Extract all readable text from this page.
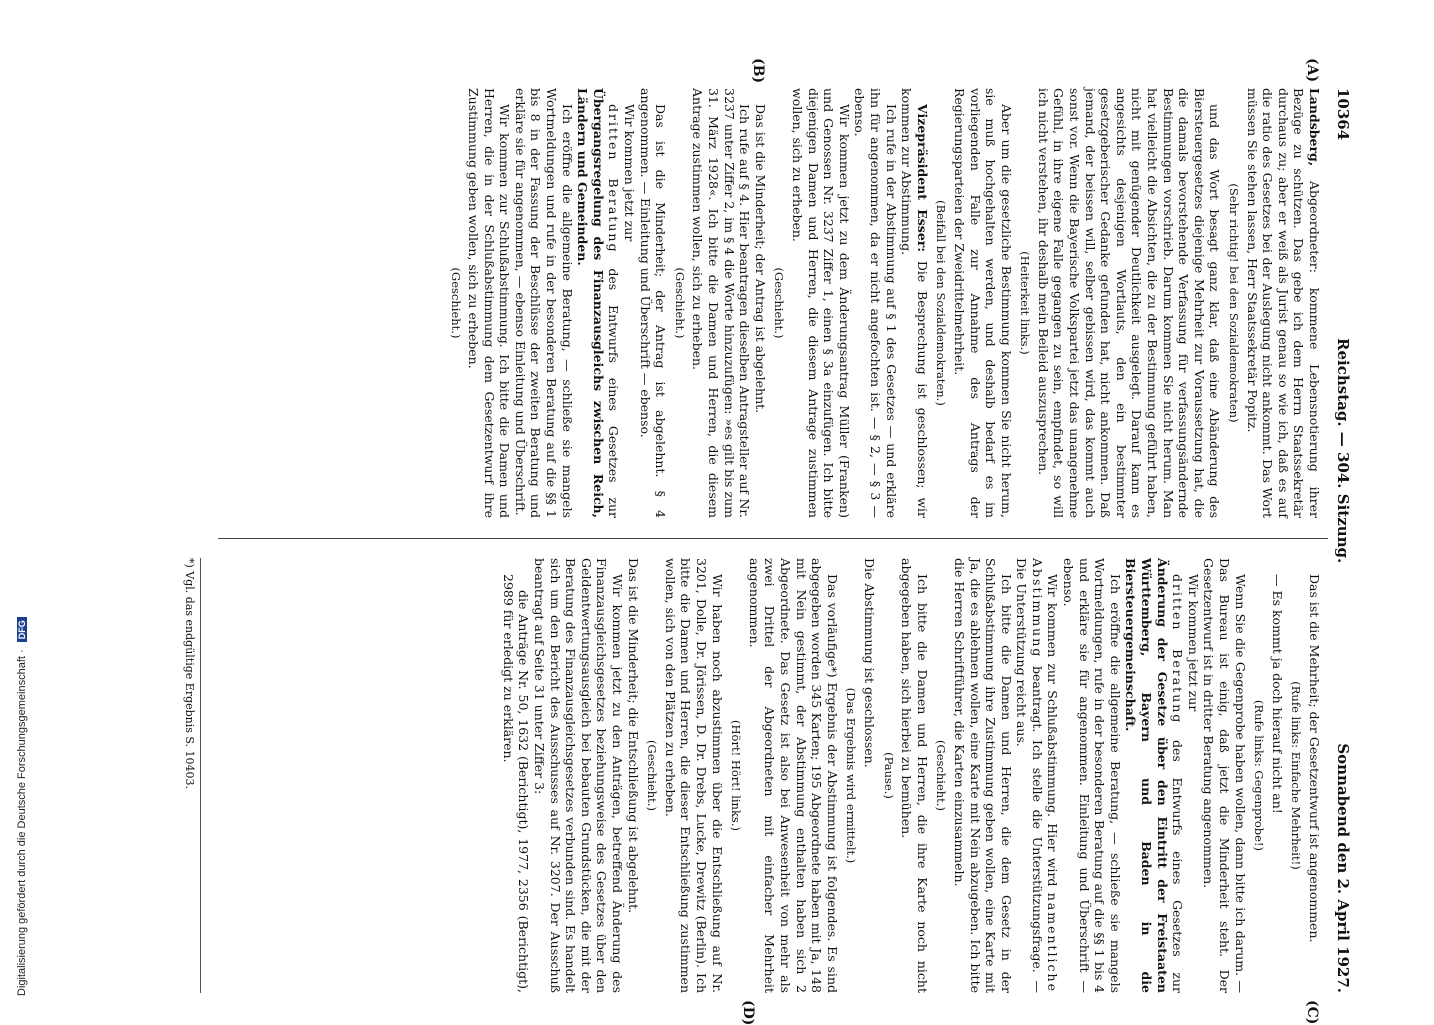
Digitalisierung gefördert durch die Deutsche Forschungsgemeinschaft · DFG
10364
Reichstag. — 304. Sitzung.
Sonnabend den 2. April 1927.
(A)
(B)
(C)
(D)

Landsberg, Abgeordneter: kommene Lebensnotierung ihrer Bezüge zu schützen. Das gebe ich dem Herrn Staatssekretär durchaus zu; aber er weiß als Jurist genau so wie ich, daß es auf die ratio des Gesetzes bei der Auslegung nicht ankommt. Das Wort müssen Sie stehen lassen, Herr Staatssekretär Popitz.

(Sehr richtig! bei den Sozialdemokraten)

und das Wort besagt ganz klar, daß eine Abänderung des Biersteuergesetzes diejenige Mehrheit zur Voraussetzung hat, die die damals bevorstehende Verfassung für verfassungsändernde Bestimmungen vorschrieb. Darum kommen Sie nicht herum. Man hat vielleicht die Absichten, die zu der Bestimmung geführt haben, nicht mit genügender Deutlichkeit ausgelegt. Darauf kann es angesichts desjenigen Wortlauts, den ein bestimmter gesetzgeberischer Gedanke gefunden hat, nicht ankommen. Daß jemand, der beissen will, selber gebissen wird, das kommt auch sonst vor. Wenn die Bayerische Volkspartei jetzt das unangenehme Gefühl, in ihre eigene Falle gegangen zu sein, empfindet, so will ich nicht verstehen, ihr deshalb mein Beileid auszusprechen.

(Heiterkeit links.)

Aber um die gesetzliche Bestimmung kommen Sie nicht herum, sie muß hochgehalten werden, und deshalb bedarf es im vorliegenden Falle zur Annahme des Antrags der Regierungsparteien der Zweidrittelmehrheit.

(Beifall bei den Sozialdemokraten.)

Vizepräsident Esser: Die Besprechung ist geschlossen; wir kommen zur Abstimmung.

Ich rufe in der Abstimmung auf § 1 des Gesetzes — und erkläre ihn für angenommen, da er nicht angefochten ist. — § 2, — § 3 — ebenso.

Wir kommen jetzt zu dem Änderungsantrag Müller (Franken) und Genossen Nr. 3237 Ziffer 1, einen § 3a einzufügen. Ich bitte diejenigen Damen und Herren, die diesem Antrage zustimmen wollen, sich zu erheben.

(Geschieht.)

Das ist die Minderheit; der Antrag ist abgelehnt.

Ich rufe auf § 4. Hier beantragen dieselben Antragsteller auf Nr. 3237 unter Ziffer 2, im § 4 die Worte hinzuzufügen: »es gilt bis zum 31. März 1928«. Ich bitte die Damen und Herren, die diesem Antrage zustimmen wollen, sich zu erheben.

(Geschieht.)

Das ist die Minderheit; der Antrag ist abgelehnt. § 4 angenommen. — Einleitung und Überschrift — ebenso.

Wir kommen jetzt zur

dritten Beratung des Entwurfs eines Gesetzes zur Übergangsregelung des Finanzausgleichs zwischen Reich, Ländern und Gemeinden.

Ich eröffne die allgemeine Beratung, — schließe sie mangels Wortmeldungen und rufe in der besonderen Beratung auf die §§ 1 bis 8 in der Fassung der Beschlüsse der zweiten Beratung und erkläre sie für angenommen, — ebenso Einleitung und Überschrift.

Wir kommen zur Schlußabstimmung. Ich bitte die Damen und Herren, die in der Schlußabstimmung dem Gesetzentwurf ihre Zustimmung geben wollen, sich zu erheben.

(Geschieht.)

Das ist die Mehrheit; der Gesetzentwurf ist angenommen.

(Rufe links: Einfache Mehrheit!)

— Es kommt ja doch hierauf nicht an!

(Rufe links: Gegenprobe!)

Wenn Sie die Gegenprobe haben wollen, dann bitte ich darum. — Das Bureau ist einig, daß jetzt die Minderheit steht. Der Gesetzentwurf ist in dritter Beratung angenommen.

Wir kommen jetzt zur

dritten Beratung des Entwurfs eines Gesetzes zur Änderung der Gesetze über den Eintritt der Freistaaten Württemberg, Bayern und Baden in die Biersteuergemeinschaft.

Ich eröffne die allgemeine Beratung, — schließe sie mangels Wortmeldungen, rufe in der besonderen Beratung auf die §§ 1 bis 4 und erkläre sie für angenommen. Einleitung und Überschrift — ebenso.

Wir kommen zur Schlußabstimmung. Hier wird namentliche Abstimmung beantragt. Ich stelle die Unterstützungsfrage. — Die Unterstützung reicht aus.

Ich bitte die Damen und Herren, die dem Gesetz in der Schlußabstimmung ihre Zustimmung geben wollen, eine Karte mit Ja, die es ablehnen wollen, eine Karte mit Nein abzugeben. Ich bitte die Herren Schriftführer, die Karten einzusammeln.

(Geschieht.)

Ich bitte die Damen und Herren, die ihre Karte noch nicht abgegeben haben, sich hierbei zu bemühen.

(Pause.)

Die Abstimmung ist geschlossen.

(Das Ergebnis wird ermittelt.)

Das vorläufige*) Ergebnis der Abstimmung ist folgendes. Es sind abgegeben worden 345 Karten; 195 Abgeordnete haben mit Ja, 148 mit Nein gestimmt, der Abstimmung enthalten haben sich 2 Abgeordnete. Das Gesetz ist also bei Anwesenheit von mehr als zwei Drittel der Abgeordneten mit einfacher Mehrheit angenommen.

(Hört! Hört! links.)

Wir haben noch abzustimmen über die Entschließung auf Nr. 3201, Dolle, Dr. Jörissen, D. Dr. Drebs, Lucke, Drewitz (Berlin). Ich bitte die Damen und Herren, die dieser Entschließung zustimmen wollen, sich von den Plätzen zu erheben.

(Geschieht.)

Das ist die Minderheit; die Entschließung ist abgelehnt.

Wir kommen jetzt zu den Anträgen, betreffend Änderung des Finanzausgleichsgesetzes beziehungsweise des Gesetzes über den Geldentwertungsausgleich bei bebauten Grundstücken, die mit der Beratung des Finanzausgleichsgesetzes verbunden sind. Es handelt sich um den Bericht des Ausschusses auf Nr. 3207. Der Ausschuß beantragt auf Seite 31 unter Ziffer 3:

die Anträge Nr. 50, 1632 (Berichtigt), 1977, 2356 (Berichtigt), 2989 für erledigt zu erklären.

*) Vgl. das endgültige Ergebnis S. 10403.
